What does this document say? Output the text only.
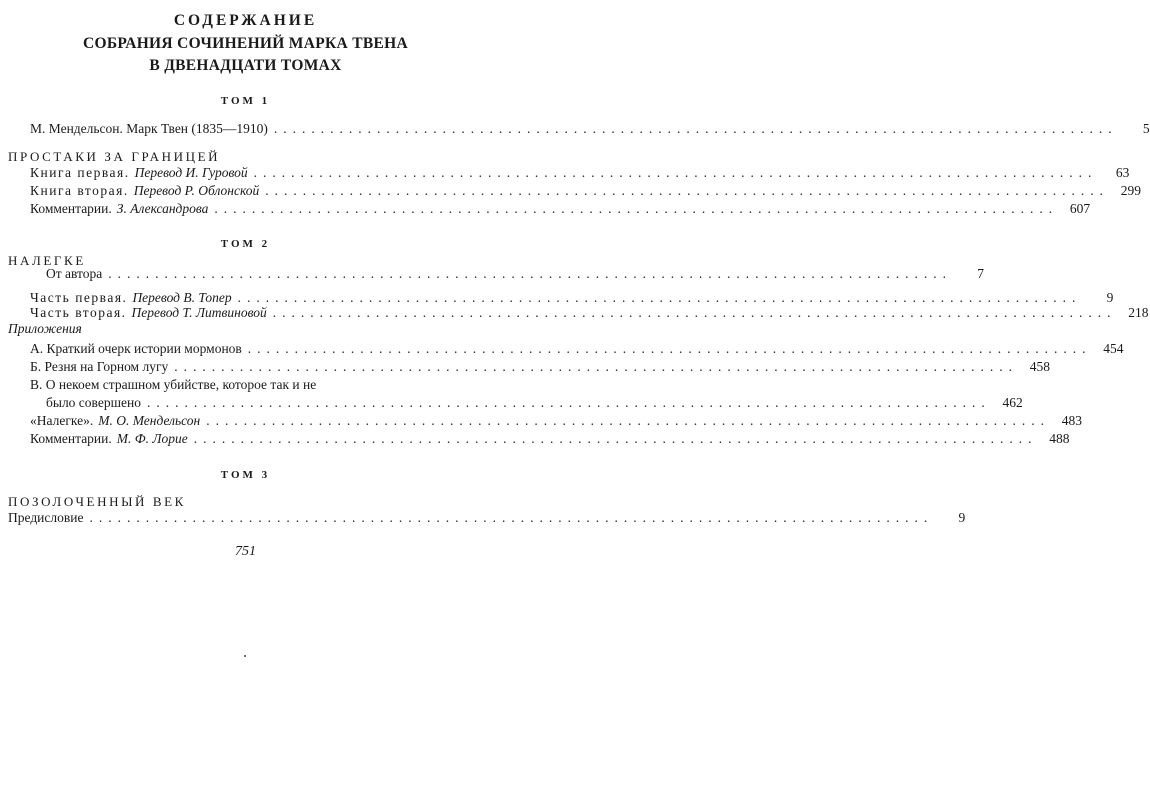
СОДЕРЖАНИЕ
СОБРАНИЯ СОЧИНЕНИЙ МАРКА ТВЕНА
В ДВЕНАДЦАТИ ТОМАХ
ТОМ 1
М. Мендельсон. Марк Твен (1835—1910) ..........................................................................................	5
ПРОСТАКИ ЗА ГРАНИЦЕЙ
Книга первая. Перевод И. Гуровой ..........................................................................................	63
Книга вторая. Перевод Р. Облонской .......................................................................................... 299
Комментарии. З. Александрова .......................................................................................... 607
ТОМ 2
НАЛЕГКЕ
От автора ..........................................................................................	7
Часть первая. Перевод В. Топер ..........................................................................................	9
Часть вторая. Перевод Т. Литвиновой .......................................................................................... 218
Приложения
А. Краткий очерк истории мормонов .......................................................................................... 454
Б. Резня на Горном лугу .......................................................................................... 458
В. О некоем страшном убийстве, которое так и не
было совершено .......................................................................................... 462
«Налегке». М. О. Мендельсон .......................................................................................... 483
Комментарии. М. Ф. Лорие .......................................................................................... 488
ТОМ 3
ПОЗОЛОЧЕННЫЙ ВЕК
Предисловие ..........................................................................................	9
751
